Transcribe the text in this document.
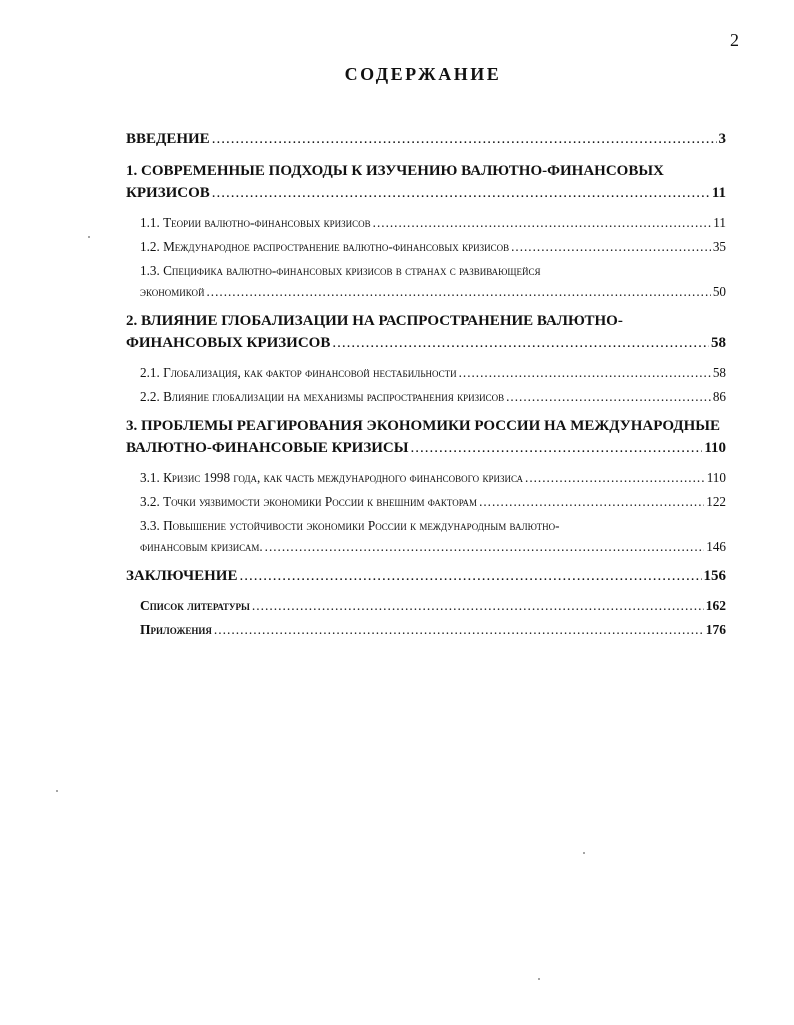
2
СОДЕРЖАНИЕ
ВВЕДЕНИЕ .....	3
1. СОВРЕМЕННЫЕ ПОДХОДЫ К ИЗУЧЕНИЮ ВАЛЮТНО-ФИНАНСОВЫХ
КРИЗИСОВ .....	11
1.1. Теории валютно-финансовых кризисов .....	11
1.2. Международное распространение валютно-финансовых кризисов .....	35
1.3. Специфика валютно-финансовых кризисов в странах с развивающейся
экономикой .....	50
2. ВЛИЯНИЕ ГЛОБАЛИЗАЦИИ НА РАСПРОСТРАНЕНИЕ ВАЛЮТНО-
ФИНАНСОВЫХ КРИЗИСОВ .....	58
2.1. Глобализация, как фактор финансовой нестабильности .....	58
2.2. Влияние глобализации на механизмы распространения кризисов .....	86
3. ПРОБЛЕМЫ РЕАГИРОВАНИЯ ЭКОНОМИКИ РОССИИ НА МЕЖДУНАРОДНЫЕ
ВАЛЮТНО-ФИНАНСОВЫЕ КРИЗИСЫ .....	110
3.1. Кризис 1998 года, как часть международного финансового кризиса .....	110
3.2. Точки уязвимости экономики России к внешним факторам .....	122
3.3. Повышение устойчивости экономики России к международным валютно-
финансовым кризисам. .....	146
ЗАКЛЮЧЕНИЕ .....	156
Список литературы .....	162
Приложения .....	176
